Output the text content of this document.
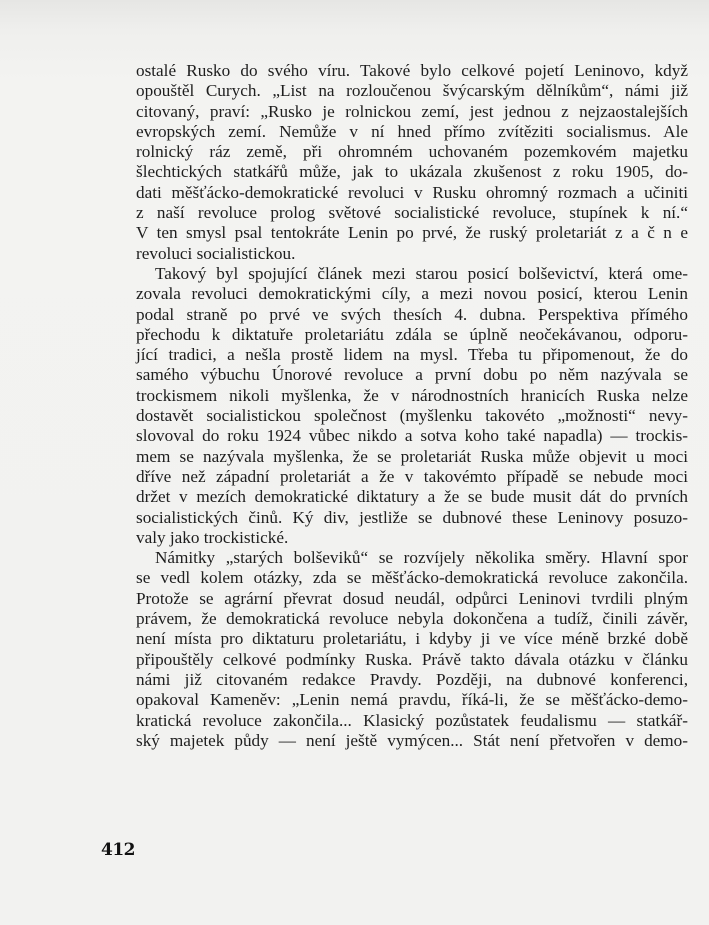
ostalé Rusko do svého víru. Takové bylo celkové pojetí Leninovo, když
opouštěl Curych. „List na rozloučenou švýcarským dělníkům“, námi již
citovaný, praví: „Rusko je rolnickou zemí, jest jednou z nejzaostalejších
evropských zemí. Nemůže v ní hned přímo zvítěziti socialismus. Ale
rolnický ráz země, při ohromném uchovaném pozemkovém majetku
šlechtických statkářů může, jak to ukázala zkušenost z roku 1905, do-
dati měšťácko-demokratické revoluci v Rusku ohromný rozmach a učiniti
z naší revoluce prolog světové socialistické revoluce, stupínek k ní.“
V ten smysl psal tentokráte Lenin po prvé, že ruský proletariát z a č n e
revoluci socialistickou.
Takový byl spojující článek mezi starou posicí bolševictví, která ome-
zovala revoluci demokratickými cíly, a mezi novou posicí, kterou Lenin
podal straně po prvé ve svých thesích 4. dubna. Perspektiva přímého
přechodu k diktatuře proletariátu zdála se úplně neočekávanou, odporu-
jící tradici, a nešla prostě lidem na mysl. Třeba tu připomenout, že do
samého výbuchu Únorové revoluce a první dobu po něm nazývala se
trockismem nikoli myšlenka, že v národnostních hranicích Ruska nelze
dostavět socialistickou společnost (myšlenku takovéto „možnosti“ nevy-
slovoval do roku 1924 vůbec nikdo a sotva koho také napadla) — trockis-
mem se nazývala myšlenka, že se proletariát Ruska může objevit u moci
dříve než západní proletariát a že v takovémto případě se nebude moci
držet v mezích demokratické diktatury a že se bude musit dát do prvních
socialistických činů. Ký div, jestliže se dubnové these Leninovy posuzo-
valy jako trockistické.
Námitky „starých bolševiků“ se rozvíjely několika směry. Hlavní spor
se vedl kolem otázky, zda se měšťácko-demokratická revoluce zakončila.
Protože se agrární převrat dosud neudál, odpůrci Leninovi tvrdili plným
právem, že demokratická revoluce nebyla dokončena a tudíž, činili závěr,
není místa pro diktaturu proletariátu, i kdyby ji ve více méně brzké době
připouštěly celkové podmínky Ruska. Právě takto dávala otázku v článku
námi již citovaném redakce Pravdy. Později, na dubnové konferenci,
opakoval Kameněv: „Lenin nemá pravdu, říká-li, že se měšťácko-demo-
kratická revoluce zakončila... Klasický pozůstatek feudalismu — statkář-
ský majetek půdy — není ještě vymýcen... Stát není přetvořen v demo-
412
